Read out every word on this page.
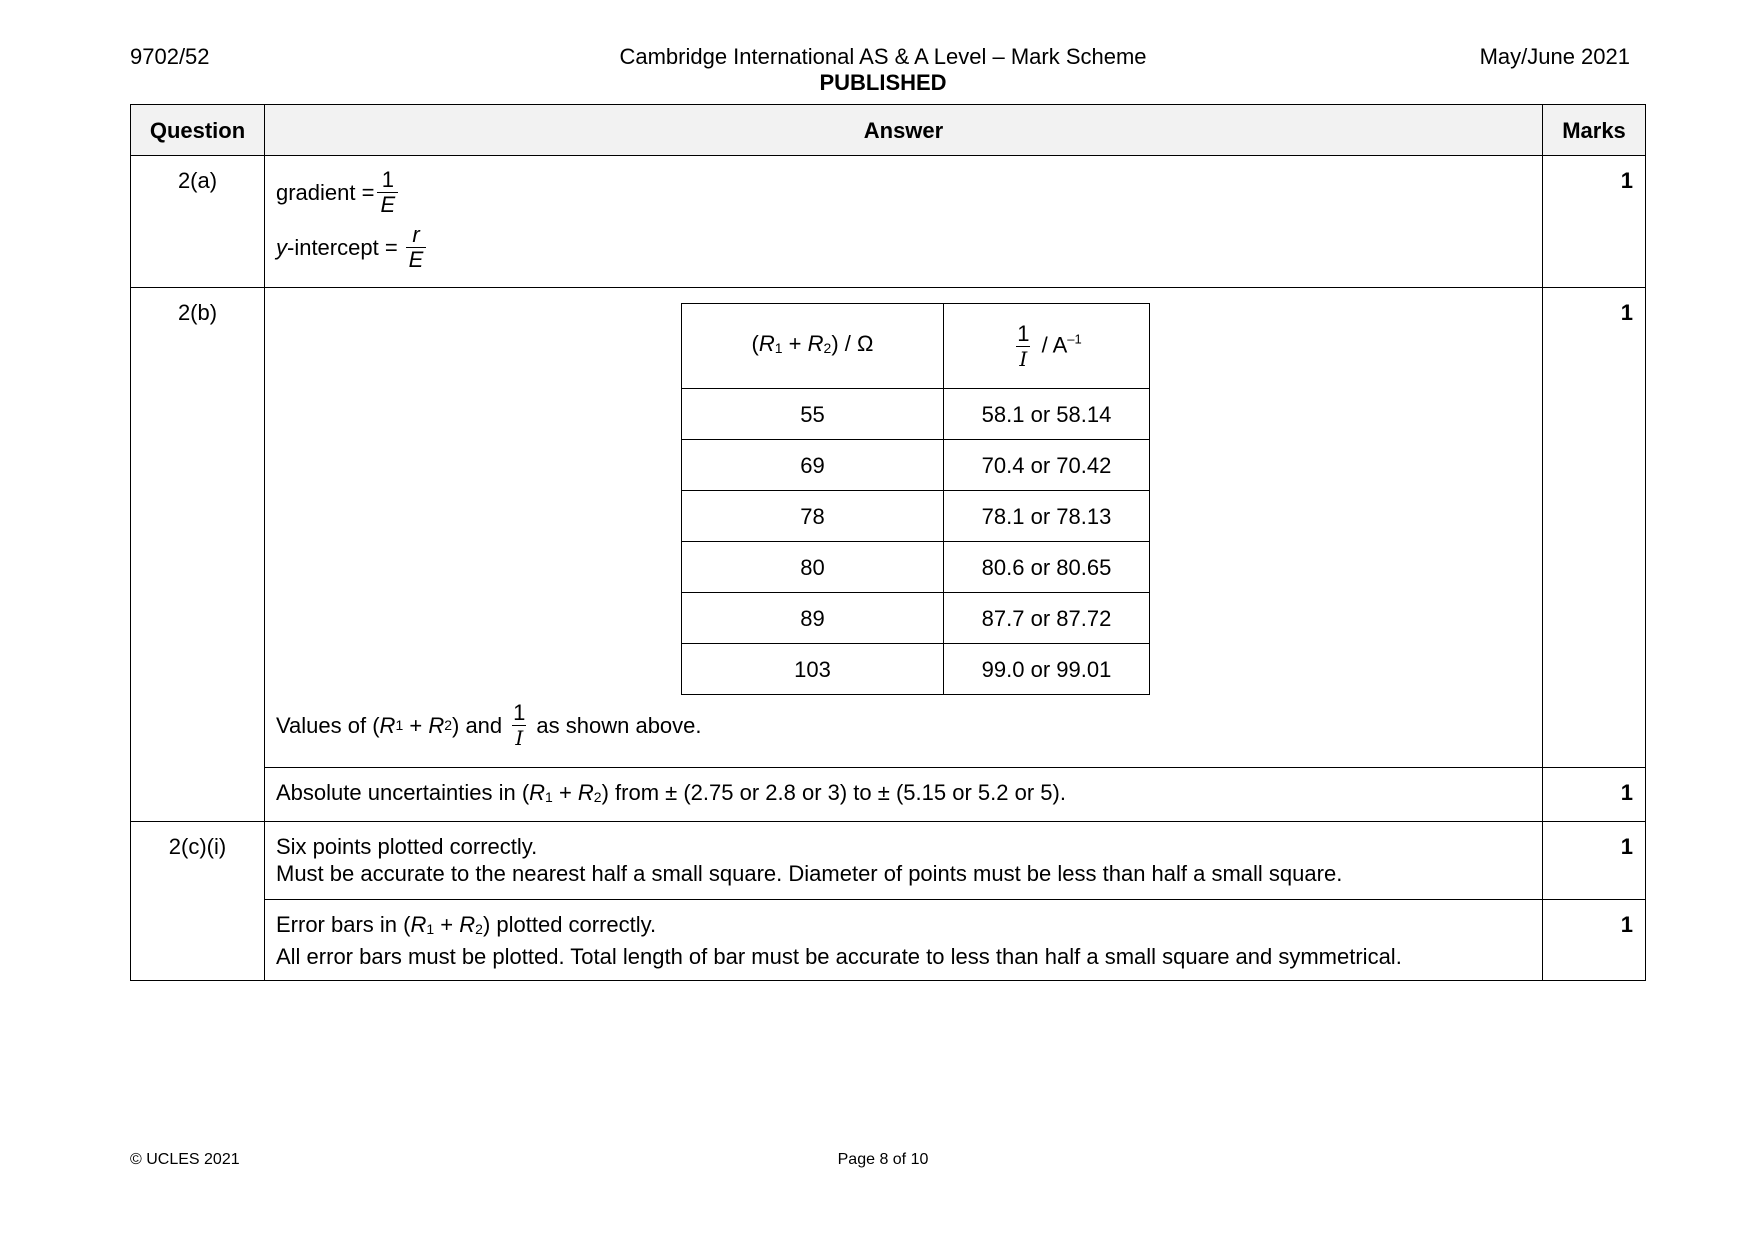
9702/52	Cambridge International AS & A Level – Mark Scheme
PUBLISHED
May/June 2021
Question	Answer	Marks
2(a)	gradient = $\frac{1}{E}$
y -intercept = $\frac{r}{E}$
	1
2(b)	
$(R_1 + R_2) / \Omega$	$\frac{1}{I} / A^{-1}$
55	58.1 or 58.14
69	70.4 or 70.42
78	78.1 or 78.13
80	80.6 or 80.65
89	87.7 or 87.72
103	99.0 or 99.01
Values of ( R 1 + R 2 ) and $\frac{1}{I}$ as shown above.
	1
Absolute uncertainties in $(R_1 + R_2)$ from ± (2.75 or 2.8 or 3) to ± (5.15 or 5.2 or 5).	1
2(c)(i)	Six points plotted correctly.
Must be accurate to the nearest half a small square. Diameter of points must be less than half a small square.
	1

Error bars in $(R_1 + R_2)$ plotted correctly.
All error bars must be plotted. Total length of bar must be accurate to less than half a small square and symmetrical.
	1
© UCLES 2021	Page 8 of 10
